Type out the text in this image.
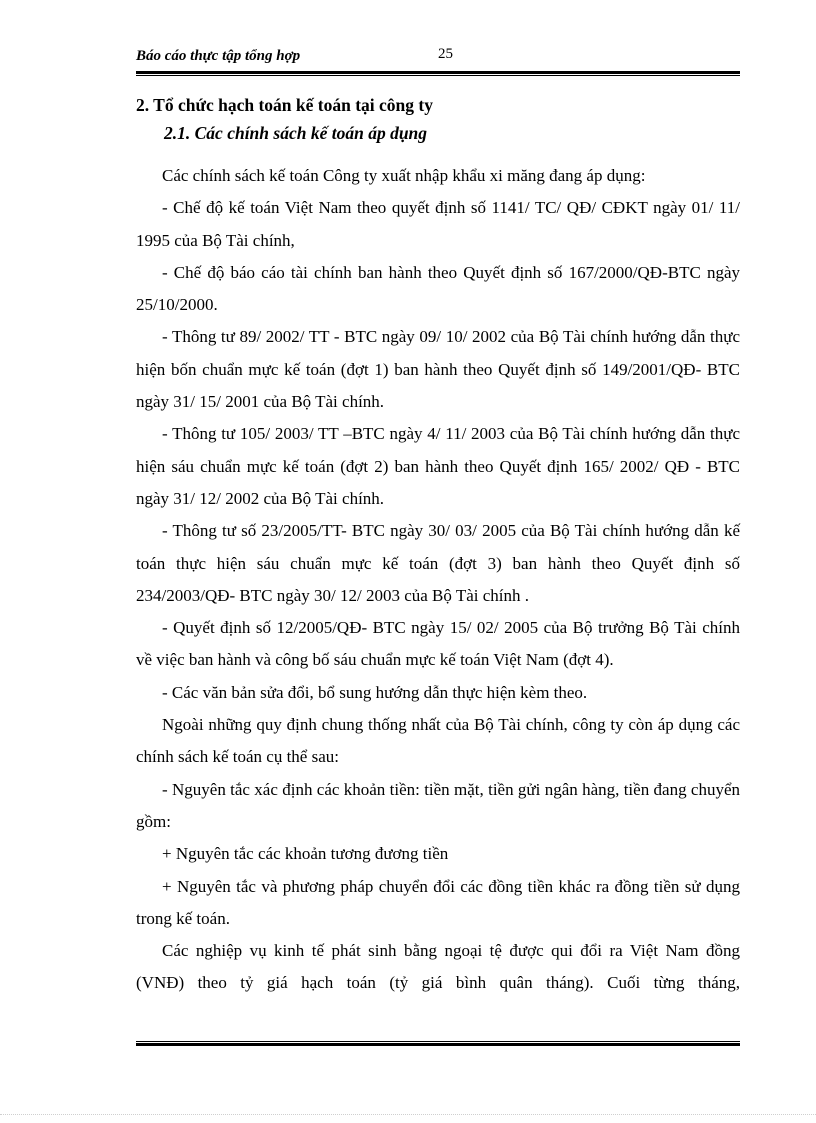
Báo cáo thực tập tổng hợp	25

2. Tổ chức hạch toán kế toán tại công ty

2.1. Các chính sách kế toán áp dụng

Các chính sách kế toán Công ty xuất nhập khẩu xi măng đang áp dụng:

- Chế độ kế toán Việt Nam theo quyết định số 1141/ TC/ QĐ/ CĐKT ngày 01/ 11/ 1995 của Bộ Tài chính,

- Chế độ báo cáo tài chính ban hành theo Quyết định số 167/2000/QĐ-BTC ngày 25/10/2000.

- Thông tư 89/ 2002/ TT - BTC ngày 09/ 10/ 2002 của Bộ Tài chính hướng dẫn thực hiện bốn chuẩn mực kế toán (đợt 1) ban hành theo Quyết định số 149/2001/QĐ- BTC ngày 31/ 15/ 2001 của Bộ Tài chính.

- Thông tư 105/ 2003/ TT –BTC ngày 4/ 11/ 2003 của Bộ Tài chính hướng dẫn thực hiện sáu chuẩn mực kế toán (đợt 2) ban hành theo Quyết định 165/ 2002/ QĐ - BTC ngày 31/ 12/ 2002 của Bộ Tài chính.

- Thông tư số 23/2005/TT- BTC ngày 30/ 03/ 2005 của Bộ Tài chính hướng dẫn kế toán thực hiện sáu chuẩn mực kế toán (đợt 3) ban hành theo Quyết định số 234/2003/QĐ- BTC ngày 30/ 12/ 2003 của Bộ Tài chính .

- Quyết định số 12/2005/QĐ- BTC ngày 15/ 02/ 2005 của Bộ trưởng Bộ Tài chính về việc ban hành và công bố sáu chuẩn mực kế toán Việt Nam (đợt 4).

- Các văn bản sửa đổi, bổ sung hướng dẫn thực hiện kèm theo.

Ngoài những quy định chung thống nhất của Bộ Tài chính, công ty còn áp dụng các chính sách kế toán cụ thể sau:

- Nguyên tắc xác định các khoản tiền: tiền mặt, tiền gửi ngân hàng, tiền đang chuyển gồm:

+ Nguyên tắc các khoản tương đương tiền

+ Nguyên tắc và phương pháp chuyển đổi các đồng tiền khác ra đồng tiền sử dụng trong kế toán.

Các nghiệp vụ kinh tế phát sinh bằng ngoại tệ được qui đổi ra Việt Nam đồng (VNĐ) theo tỷ giá hạch toán (tỷ giá bình quân tháng). Cuối từng tháng,
